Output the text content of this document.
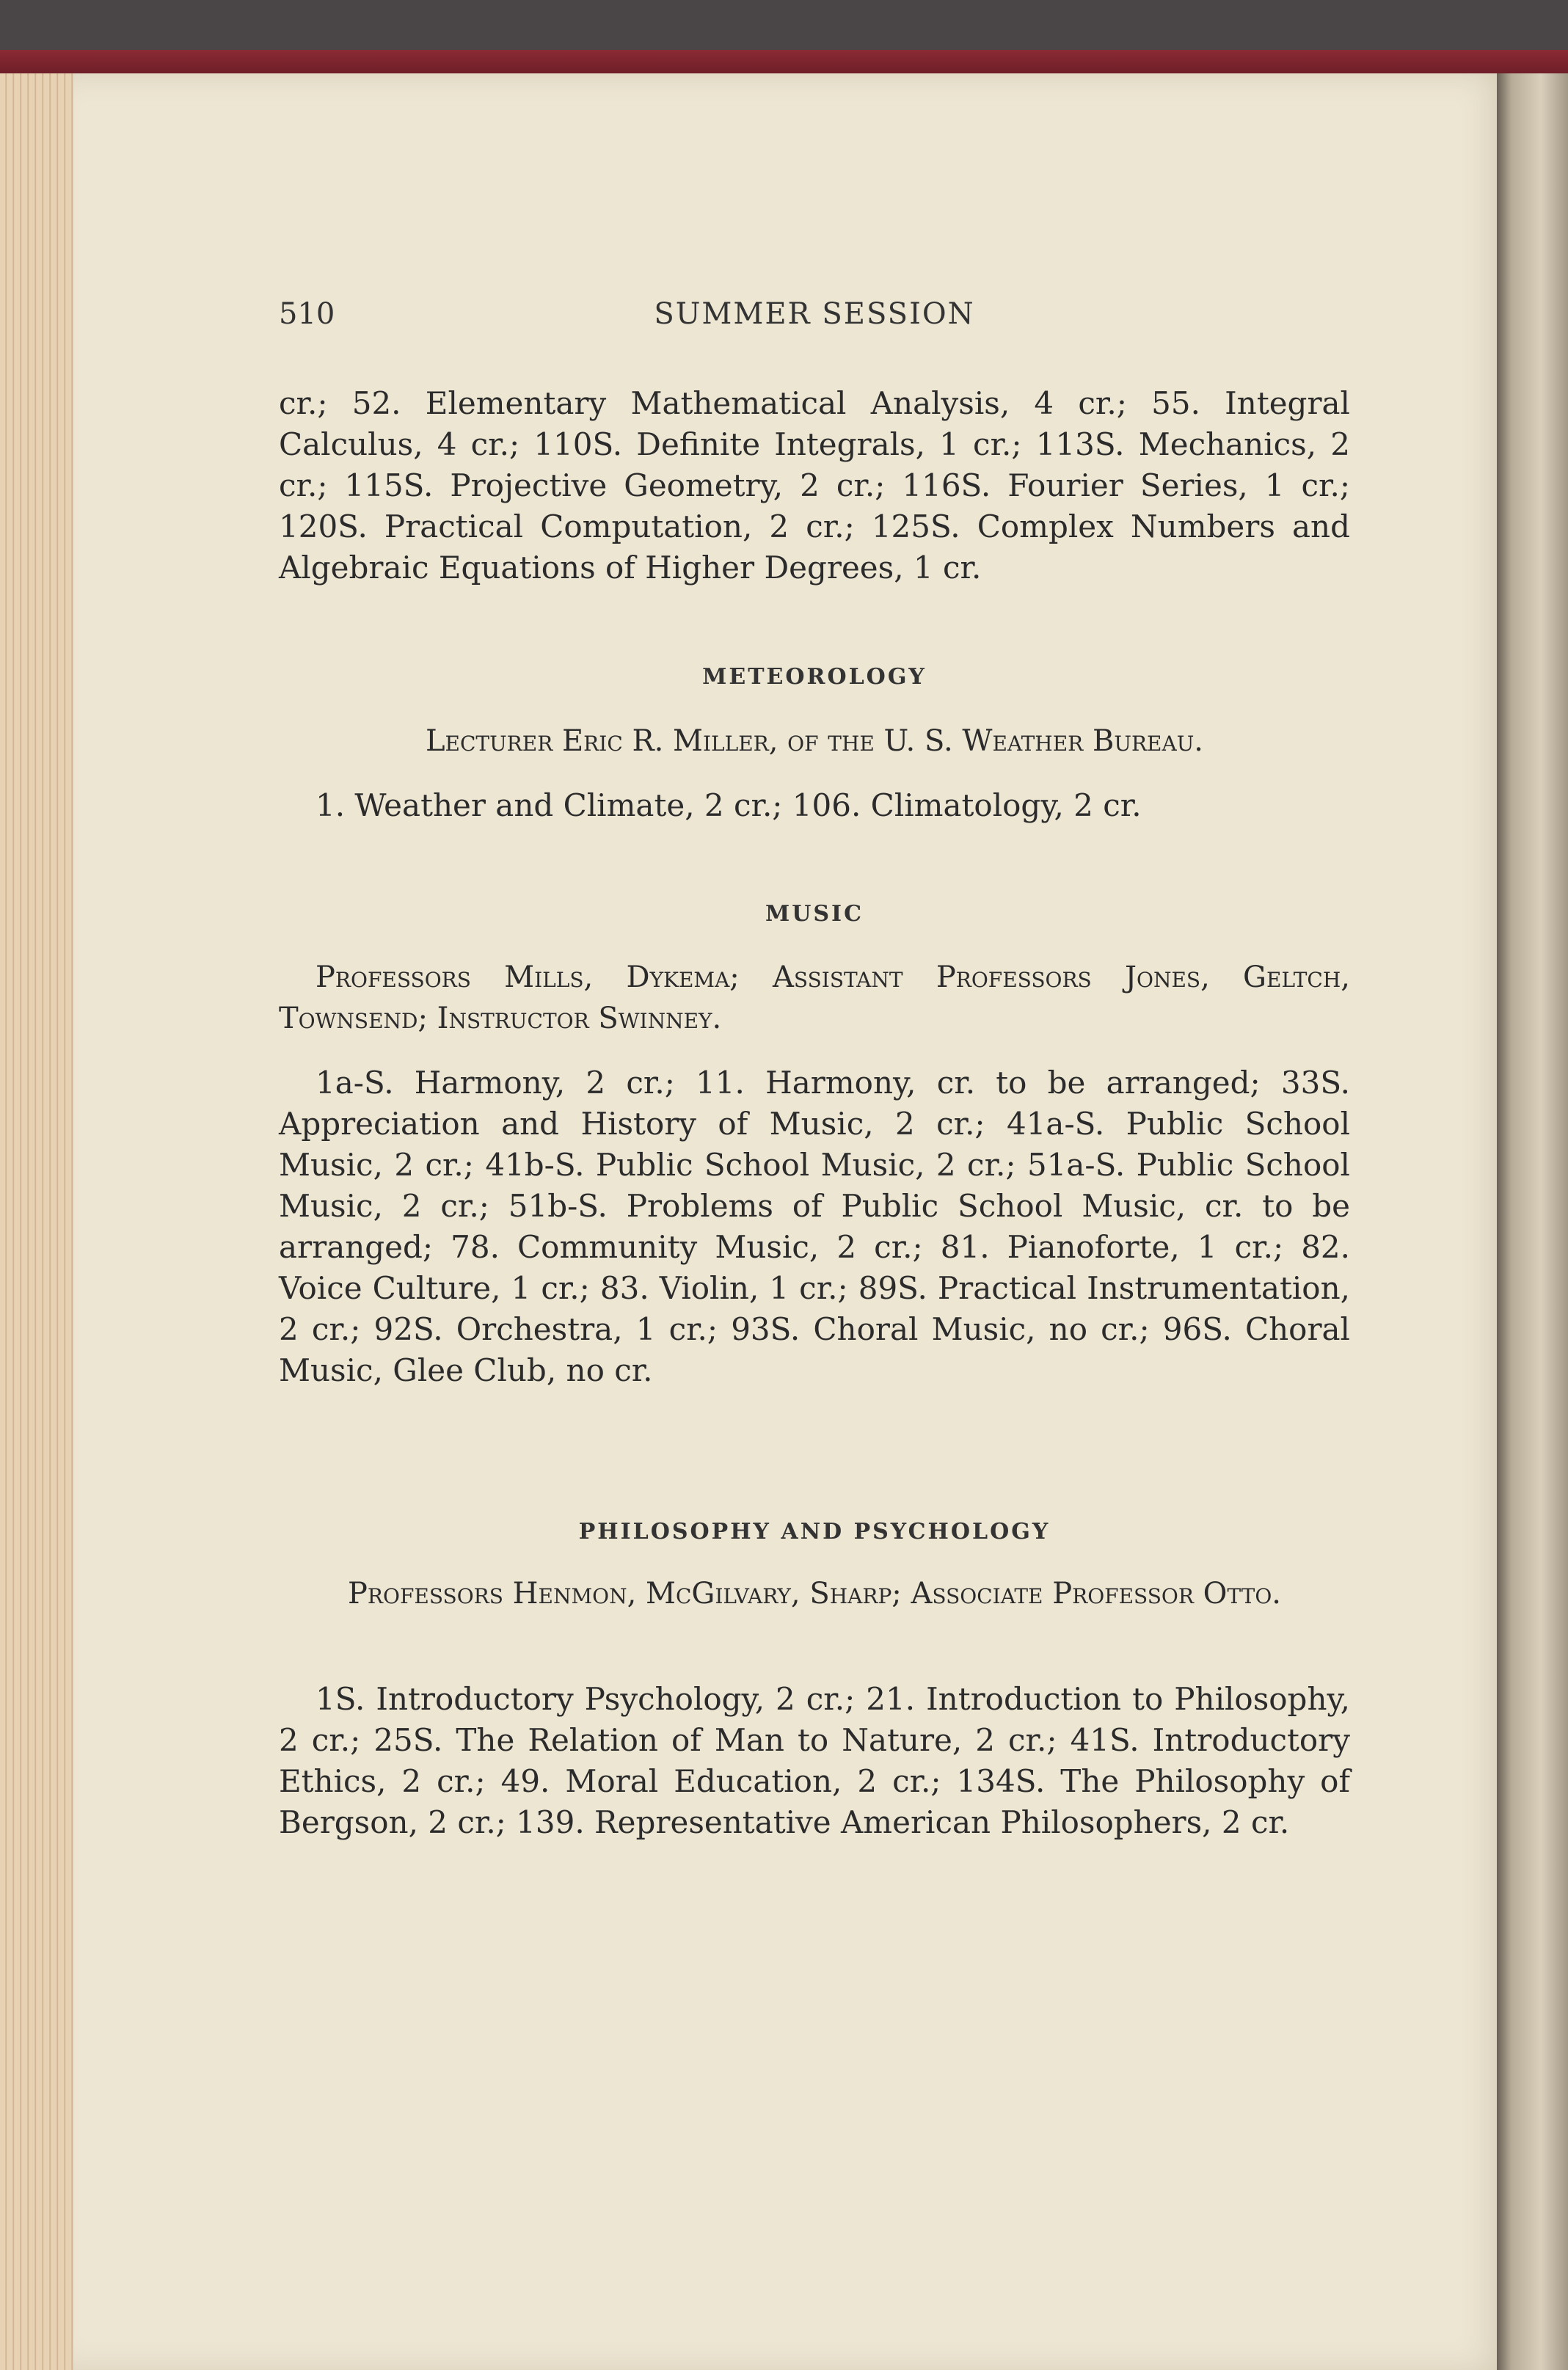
510	SUMMER SESSION
cr.; 52. Elementary Mathematical Analysis, 4 cr.; 55. Integral Calculus, 4 cr.; 110S. Definite Integrals, 1 cr.; 113S. Mechanics, 2 cr.; 115S. Projective Geometry, 2 cr.; 116S. Fourier Series, 1 cr.; 120S. Practical Computation, 2 cr.; 125S. Complex Numbers and Algebraic Equations of Higher Degrees, 1 cr.
METEOROLOGY
Lecturer Eric R. Miller, of the U. S. Weather Bureau.
1. Weather and Climate, 2 cr.; 106. Climatology, 2 cr.
MUSIC
Professors Mills, Dykema; Assistant Professors Jones, Geltch, Townsend; Instructor Swinney.
1a-S. Harmony, 2 cr.; 11. Harmony, cr. to be arranged; 33S. Appreciation and History of Music, 2 cr.; 41a-S. Public School Music, 2 cr.; 41b-S. Public School Music, 2 cr.; 51a-S. Public School Music, 2 cr.; 51b-S. Problems of Public School Music, cr. to be arranged; 78. Community Music, 2 cr.; 81. Pianoforte, 1 cr.; 82. Voice Culture, 1 cr.; 83. Violin, 1 cr.; 89S. Practical Instrumentation, 2 cr.; 92S. Orchestra, 1 cr.; 93S. Choral Music, no cr.; 96S. Choral Music, Glee Club, no cr.
PHILOSOPHY AND PSYCHOLOGY
Professors Henmon, McGilvary, Sharp; Associate Professor Otto.
1S. Introductory Psychology, 2 cr.; 21. Introduction to Philosophy, 2 cr.; 25S. The Relation of Man to Nature, 2 cr.; 41S. Introductory Ethics, 2 cr.; 49. Moral Education, 2 cr.; 134S. The Philosophy of Bergson, 2 cr.; 139. Representative American Philosophers, 2 cr.
